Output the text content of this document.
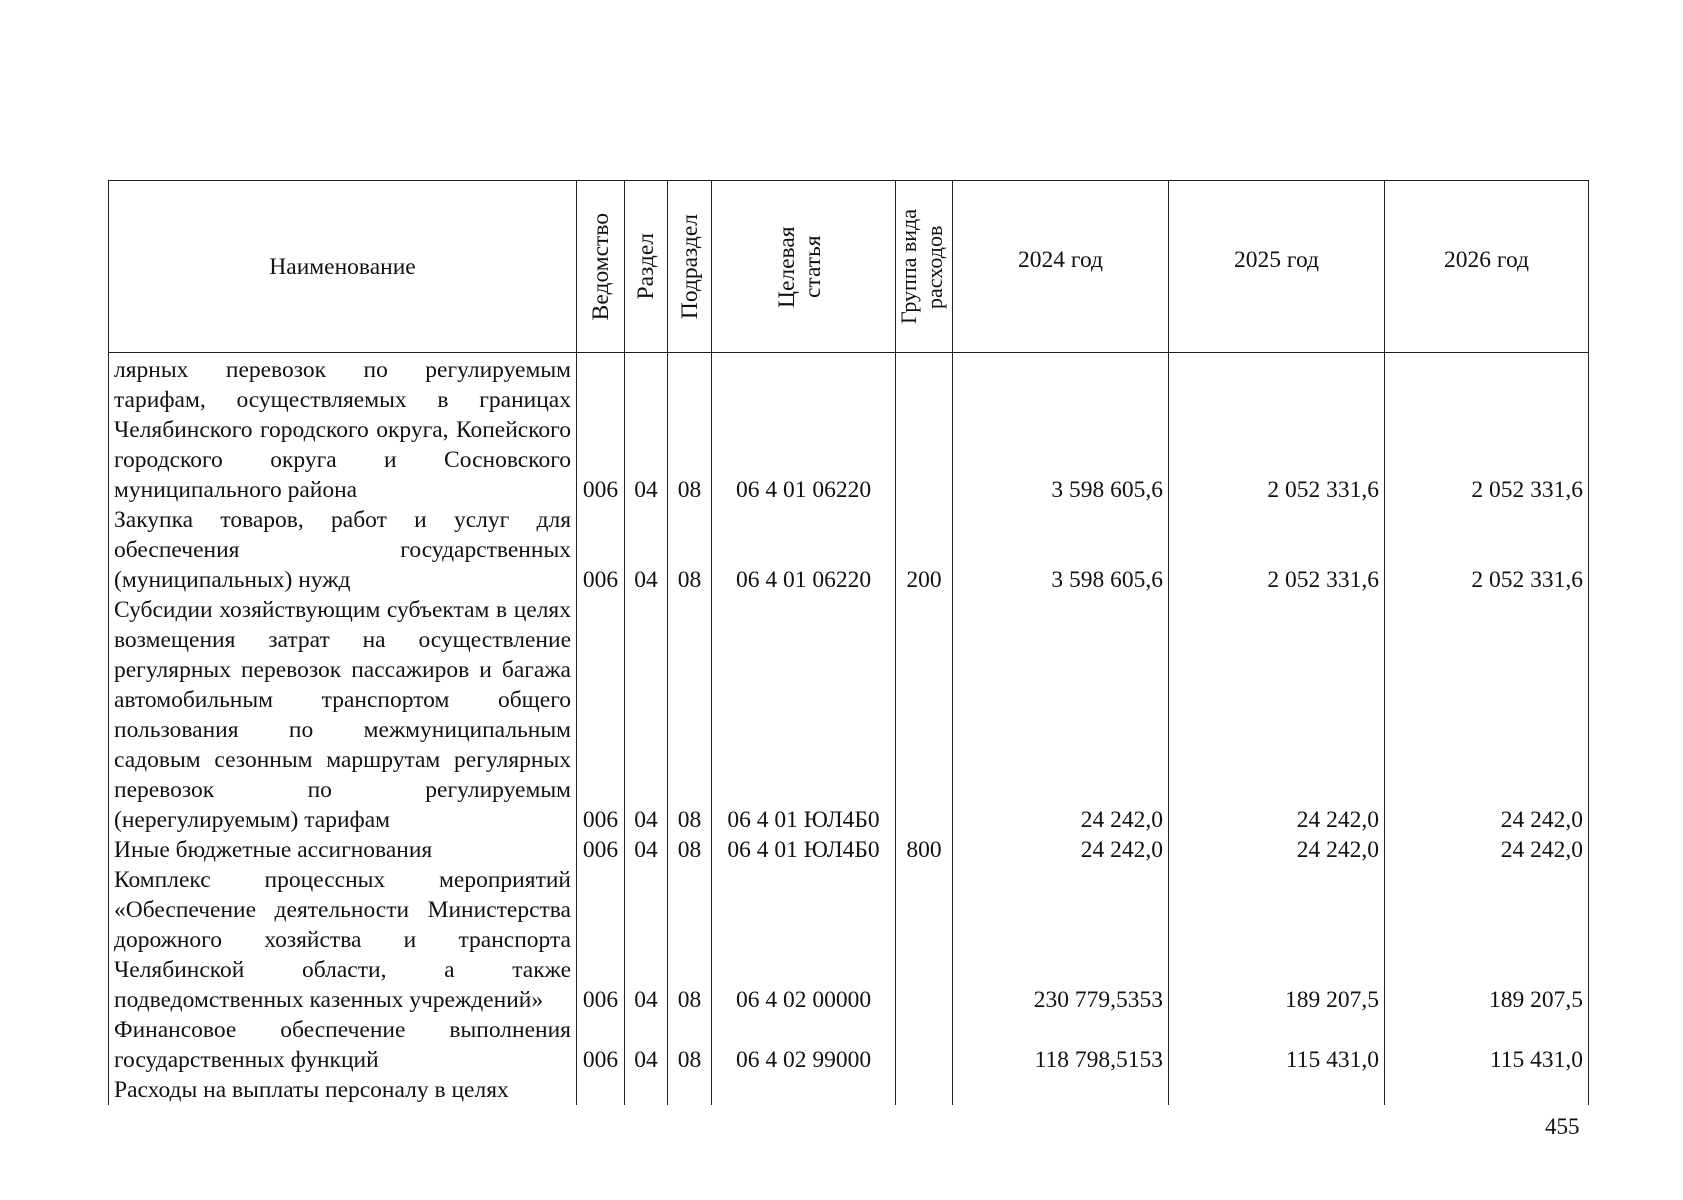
Наименование	Ведомство	Раздел	Подраздел	Целевая статья	Группа вида расходов	2024 год	2025 год	2026 год
лярных перевозок по регулируемым тарифам, осуществляемых в границах Челябинского городского округа, Копейского городского округа и Сосновского муниципального района	006	04	08	06 4 01 06220		3 598 605,6	2 052 331,6	2 052 331,6
Закупка товаров, работ и услуг для обеспечения государственных (муниципальных) нужд	006	04	08	06 4 01 06220	200	3 598 605,6	2 052 331,6	2 052 331,6
Субсидии хозяйствующим субъектам в целях возмещения затрат на осуществление регулярных перевозок пассажиров и багажа автомобильным транспортом общего пользования по межмуниципальным садовым сезонным маршрутам регулярных перевозок по регулируемым (нерегулируемым) тарифам	006	04	08	06 4 01 ЮЛ4Б0		24 242,0	24 242,0	24 242,0
Иные бюджетные ассигнования	006	04	08	06 4 01 ЮЛ4Б0	800	24 242,0	24 242,0	24 242,0
Комплекс процессных мероприятий «Обеспечение деятельности Министерства дорожного хозяйства и транспорта Челябинской области, а также подведомственных казенных учреждений»	006	04	08	06 4 02 00000		230 779,5353	189 207,5	189 207,5
Финансовое обеспечение выполнения государственных функций	006	04	08	06 4 02 99000		118 798,5153	115 431,0	115 431,0
Расходы на выплаты персоналу в целях								
455
